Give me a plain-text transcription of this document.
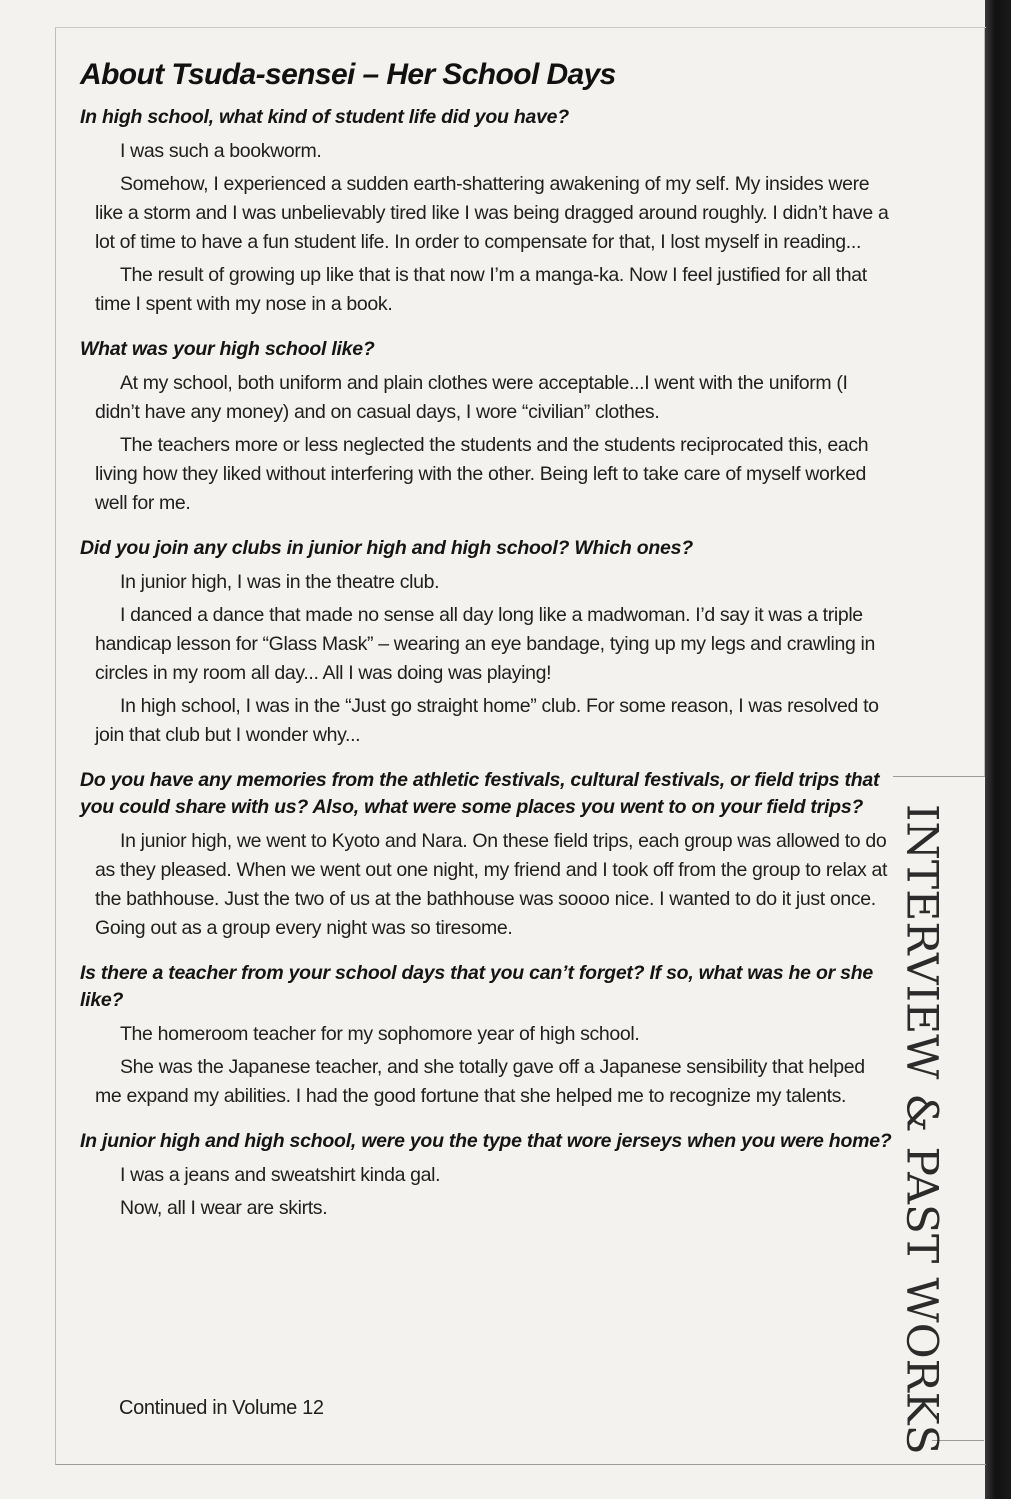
About Tsuda-sensei – Her School Days

In high school, what kind of student life did you have?

I was such a bookworm.

Somehow, I experienced a sudden earth-shattering awakening of my self. My insides were like a storm and I was unbelievably tired like I was being dragged around roughly. I didn’t have a lot of time to have a fun student life. In order to compensate for that, I lost myself in reading...

The result of growing up like that is that now I’m a manga-ka. Now I feel justified for all that time I spent with my nose in a book.

What was your high school like?

At my school, both uniform and plain clothes were acceptable...I went with the uniform (I didn’t have any money) and on casual days, I wore “civilian” clothes.

The teachers more or less neglected the students and the students reciprocated this, each living how they liked without interfering with the other. Being left to take care of myself worked well for me.

Did you join any clubs in junior high and high school? Which ones?

In junior high, I was in the theatre club.

I danced a dance that made no sense all day long like a madwoman. I’d say it was a triple handicap lesson for “Glass Mask” – wearing an eye bandage, tying up my legs and crawling in circles in my room all day... All I was doing was playing!

In high school, I was in the “Just go straight home” club. For some reason, I was resolved to join that club but I wonder why...

Do you have any memories from the athletic festivals, cultural festivals, or field trips that you could share with us? Also, what were some places you went to on your field trips?

In junior high, we went to Kyoto and Nara. On these field trips, each group was allowed to do as they pleased. When we went out one night, my friend and I took off from the group to relax at the bathhouse. Just the two of us at the bathhouse was soooo nice. I wanted to do it just once. Going out as a group every night was so tiresome.

Is there a teacher from your school days that you can’t forget? If so, what was he or she like?

The homeroom teacher for my sophomore year of high school.

She was the Japanese teacher, and she totally gave off a Japanese sensibility that helped me expand my abilities. I had the good fortune that she helped me to recognize my talents.

In junior high and high school, were you the type that wore jerseys when you were home?

I was a jeans and sweatshirt kinda gal.

Now, all I wear are skirts.

Continued in Volume 12	INTERVIEW & PAST WORKS
